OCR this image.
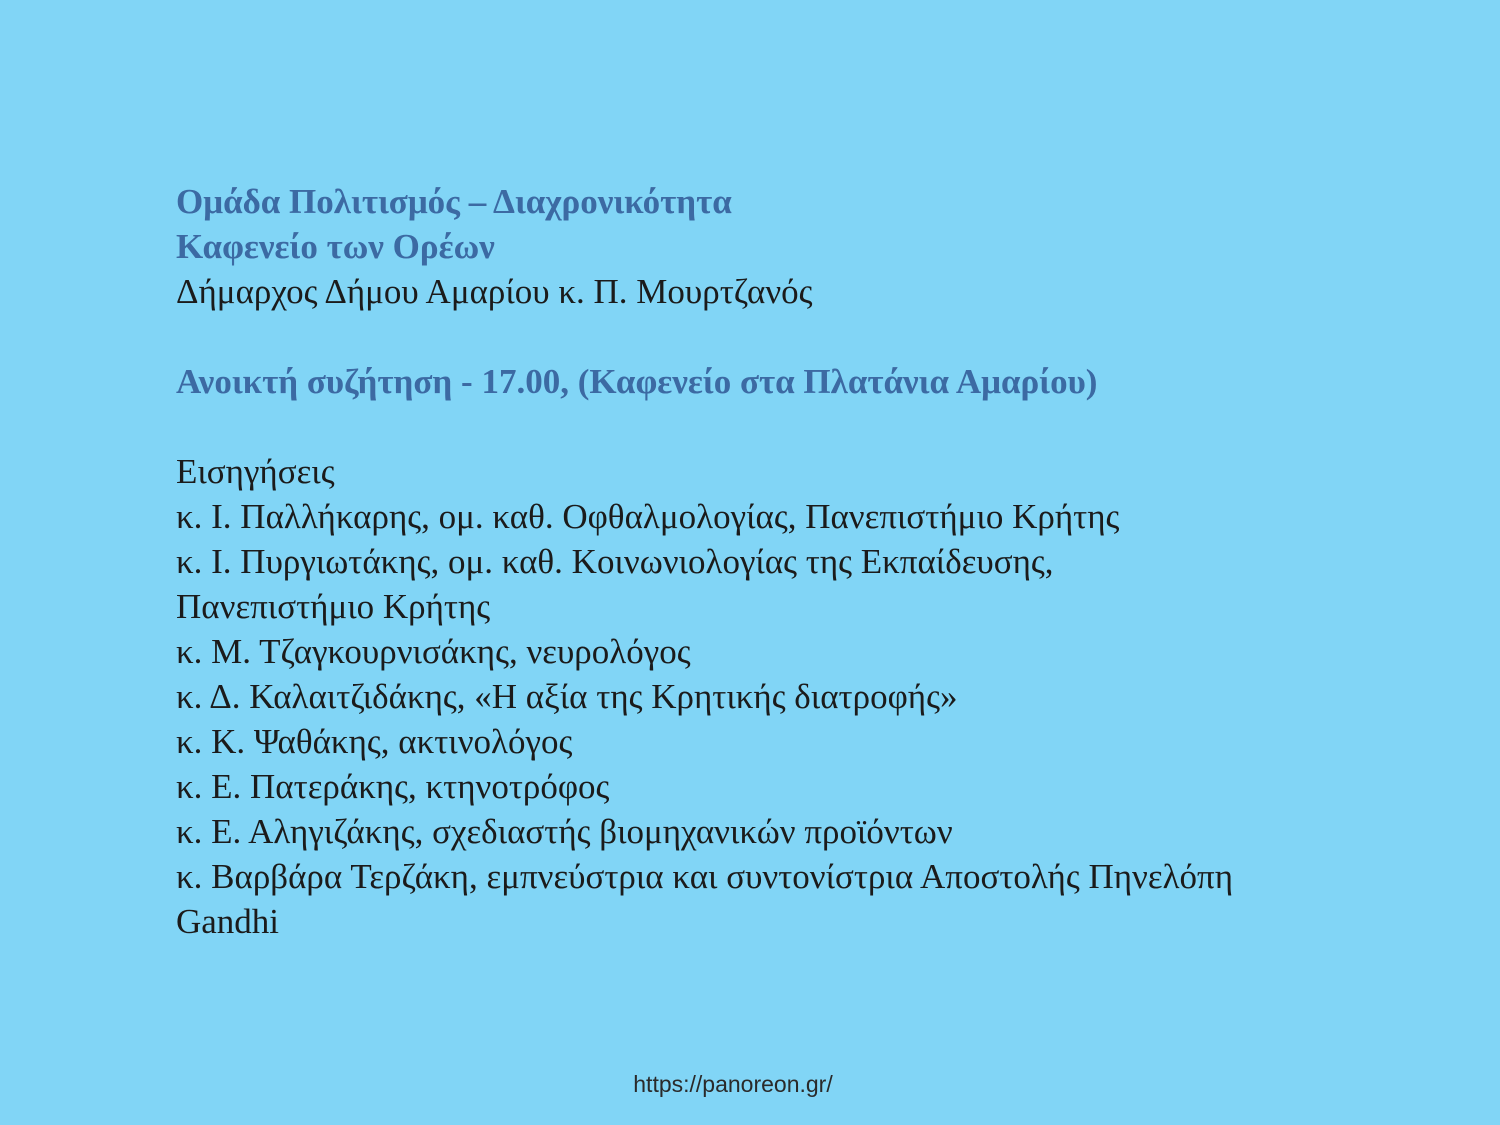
Ομάδα Πολιτισμός – Διαχρονικότητα
Καφενείο των Ορέων
Δήμαρχος Δήμου Αμαρίου κ. Π. Μουρτζανός
Ανοικτή συζήτηση - 17.00, (Καφενείο στα Πλατάνια Αμαρίου)
Εισηγήσεις
κ. Ι. Παλλήκαρης, ομ. καθ. Οφθαλμολογίας, Πανεπιστήμιο Κρήτης
κ. Ι. Πυργιωτάκης, ομ. καθ. Κοινωνιολογίας της Εκπαίδευσης,
Πανεπιστήμιο Κρήτης
κ. Μ. Τζαγκουρνισάκης, νευρολόγος
κ. Δ. Καλαιτζιδάκης, «Η αξία της Κρητικής διατροφής»
κ. Κ. Ψαθάκης, ακτινολόγος
κ. Ε. Πατεράκης, κτηνοτρόφος
κ. Ε. Αληγιζάκης, σχεδιαστής βιομηχανικών προϊόντων
κ. Βαρβάρα Τερζάκη, εμπνεύστρια και συντονίστρια Αποστολής Πηνελόπη
Gandhi
https://panoreon.gr/
